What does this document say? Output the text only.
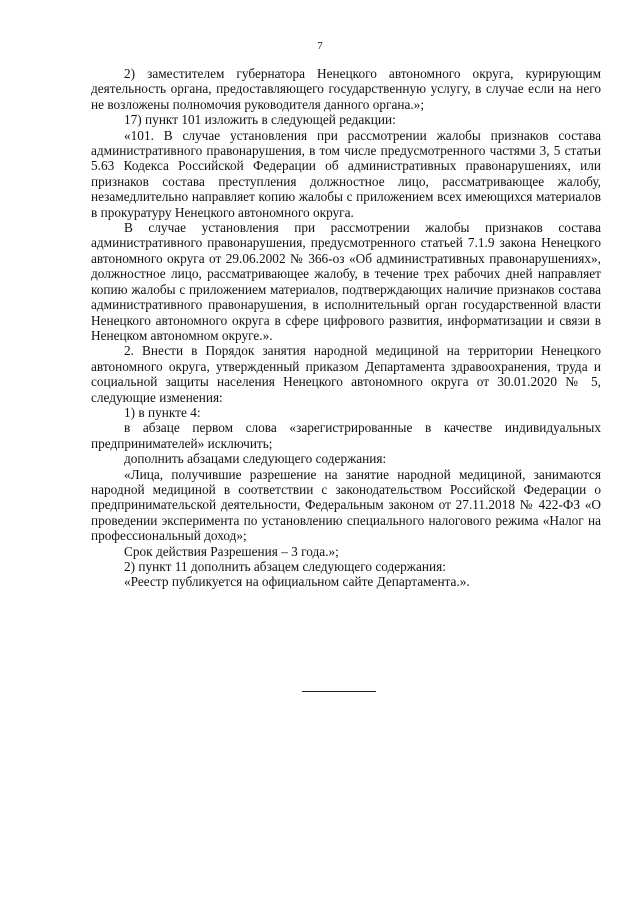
7

2) заместителем губернатора Ненецкого автономного округа, курирующим деятельность органа, предоставляющего государственную услугу, в случае если на него не возложены полномочия руководителя данного органа.»;

17) пункт 101 изложить в следующей редакции:

«101. В случае установления при рассмотрении жалобы признаков состава административного правонарушения, в том числе предусмотренного частями 3, 5 статьи 5.63 Кодекса Российской Федерации об административных правонарушениях, или признаков состава преступления должностное лицо, рассматривающее жалобу, незамедлительно направляет копию жалобы с приложением всех имеющихся материалов в прокуратуру Ненецкого автономного округа.

В случае установления при рассмотрении жалобы признаков состава административного правонарушения, предусмотренного статьей 7.1.9 закона Ненецкого автономного округа от 29.06.2002 № 366-оз «Об административных правонарушениях», должностное лицо, рассматривающее жалобу, в течение трех рабочих дней направляет копию жалобы с приложением материалов, подтверждающих наличие признаков состава административного правонарушения, в исполнительный орган государственной власти Ненецкого автономного округа в сфере цифрового развития, информатизации и связи в Ненецком автономном округе.».

2. Внести в Порядок занятия народной медициной на территории Ненецкого автономного округа, утвержденный приказом Департамента здравоохранения, труда и социальной защиты населения Ненецкого автономного округа от 30.01.2020 № 5, следующие изменения:

1) в пункте 4:

в абзаце первом слова «зарегистрированные в качестве индивидуальных предпринимателей» исключить;

дополнить абзацами следующего содержания:

«Лица, получившие разрешение на занятие народной медициной, занимаются народной медициной в соответствии с законодательством Российской Федерации о предпринимательской деятельности, Федеральным законом от 27.11.2018 № 422-ФЗ «О проведении эксперимента по установлению специального налогового режима «Налог на профессиональный доход»;

Срок действия Разрешения – 3 года.»;

2) пункт 11 дополнить абзацем следующего содержания:

«Реестр публикуется на официальном сайте Департамента.».
